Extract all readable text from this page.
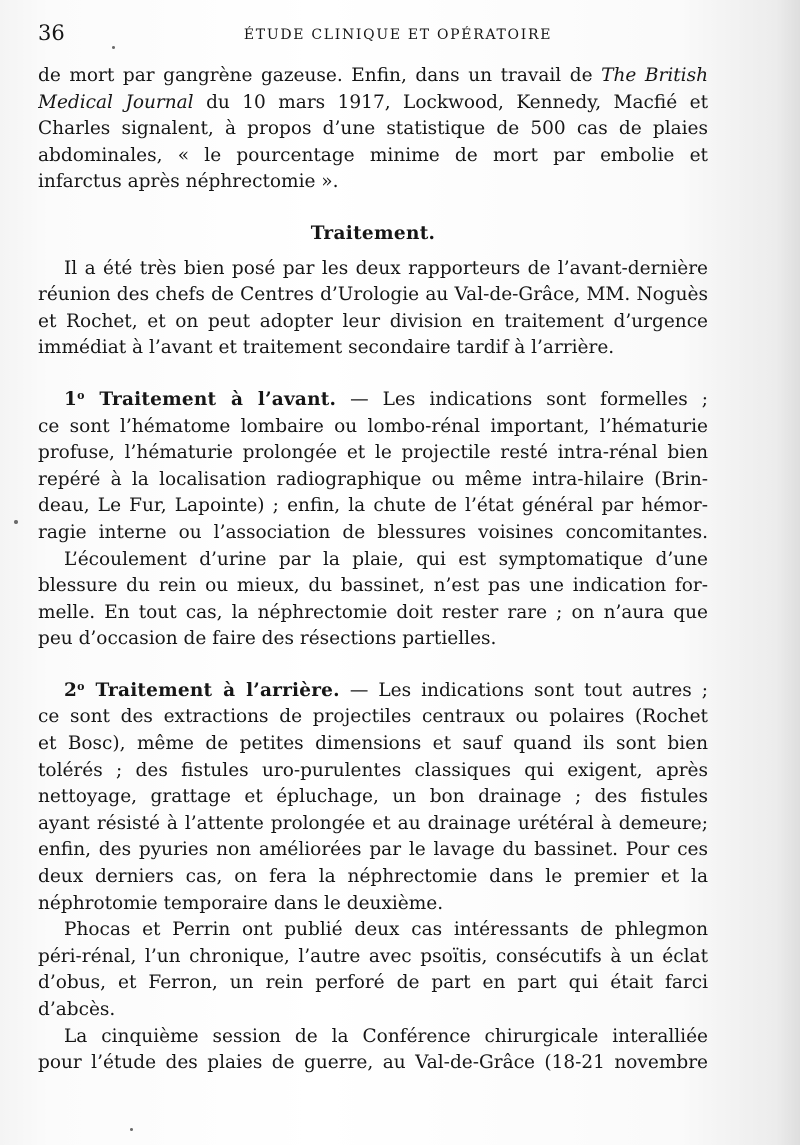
36	ÉTUDE CLINIQUE ET OPÉRATOIRE
de mort par gangrène gazeuse. Enfin, dans un travail de The British
Medical Journal du 10 mars 1917, Lockwood, Kennedy, Macfié et
Charles signalent, à propos d’une statistique de 500 cas de plaies
abdominales, « le pourcentage minime de mort par embolie et
infarctus après néphrectomie ».
Traitement.
Il a été très bien posé par les deux rapporteurs de l’avant-dernière
réunion des chefs de Centres d’Urologie au Val-de-Grâce, MM. Noguès
et Rochet, et on peut adopter leur division en traitement d’urgence
immédiat à l’avant et traitement secondaire tardif à l’arrière.
1$^o$ Traitement à l’avant. — Les indications sont formelles ;
ce sont l’hématome lombaire ou lombo-rénal important, l’hématurie
profuse, l’hématurie prolongée et le projectile resté intra-rénal bien
repéré à la localisation radiographique ou même intra-hilaire (Brin-
deau, Le Fur, Lapointe) ; enfin, la chute de l’état général par hémor-
ragie interne ou l’association de blessures voisines concomitantes.
L’écoulement d’urine par la plaie, qui est symptomatique d’une
blessure du rein ou mieux, du bassinet, n’est pas une indication for-
melle. En tout cas, la néphrectomie doit rester rare ; on n’aura que
peu d’occasion de faire des résections partielles.
2$^o$ Traitement à l’arrière. — Les indications sont tout autres ;
ce sont des extractions de projectiles centraux ou polaires (Rochet
et Bosc), même de petites dimensions et sauf quand ils sont bien
tolérés ; des fistules uro-purulentes classiques qui exigent, après
nettoyage, grattage et épluchage, un bon drainage ; des fistules
ayant résisté à l’attente prolongée et au drainage urétéral à demeure;
enfin, des pyuries non améliorées par le lavage du bassinet. Pour ces
deux derniers cas, on fera la néphrectomie dans le premier et la
néphrotomie temporaire dans le deuxième.
Phocas et Perrin ont publié deux cas intéressants de phlegmon
péri-rénal, l’un chronique, l’autre avec psoïtis, consécutifs à un éclat
d’obus, et Ferron, un rein perforé de part en part qui était farci
d’abcès.
La cinquième session de la Conférence chirurgicale interalliée
pour l’étude des plaies de guerre, au Val-de-Grâce (18-21 novembre
